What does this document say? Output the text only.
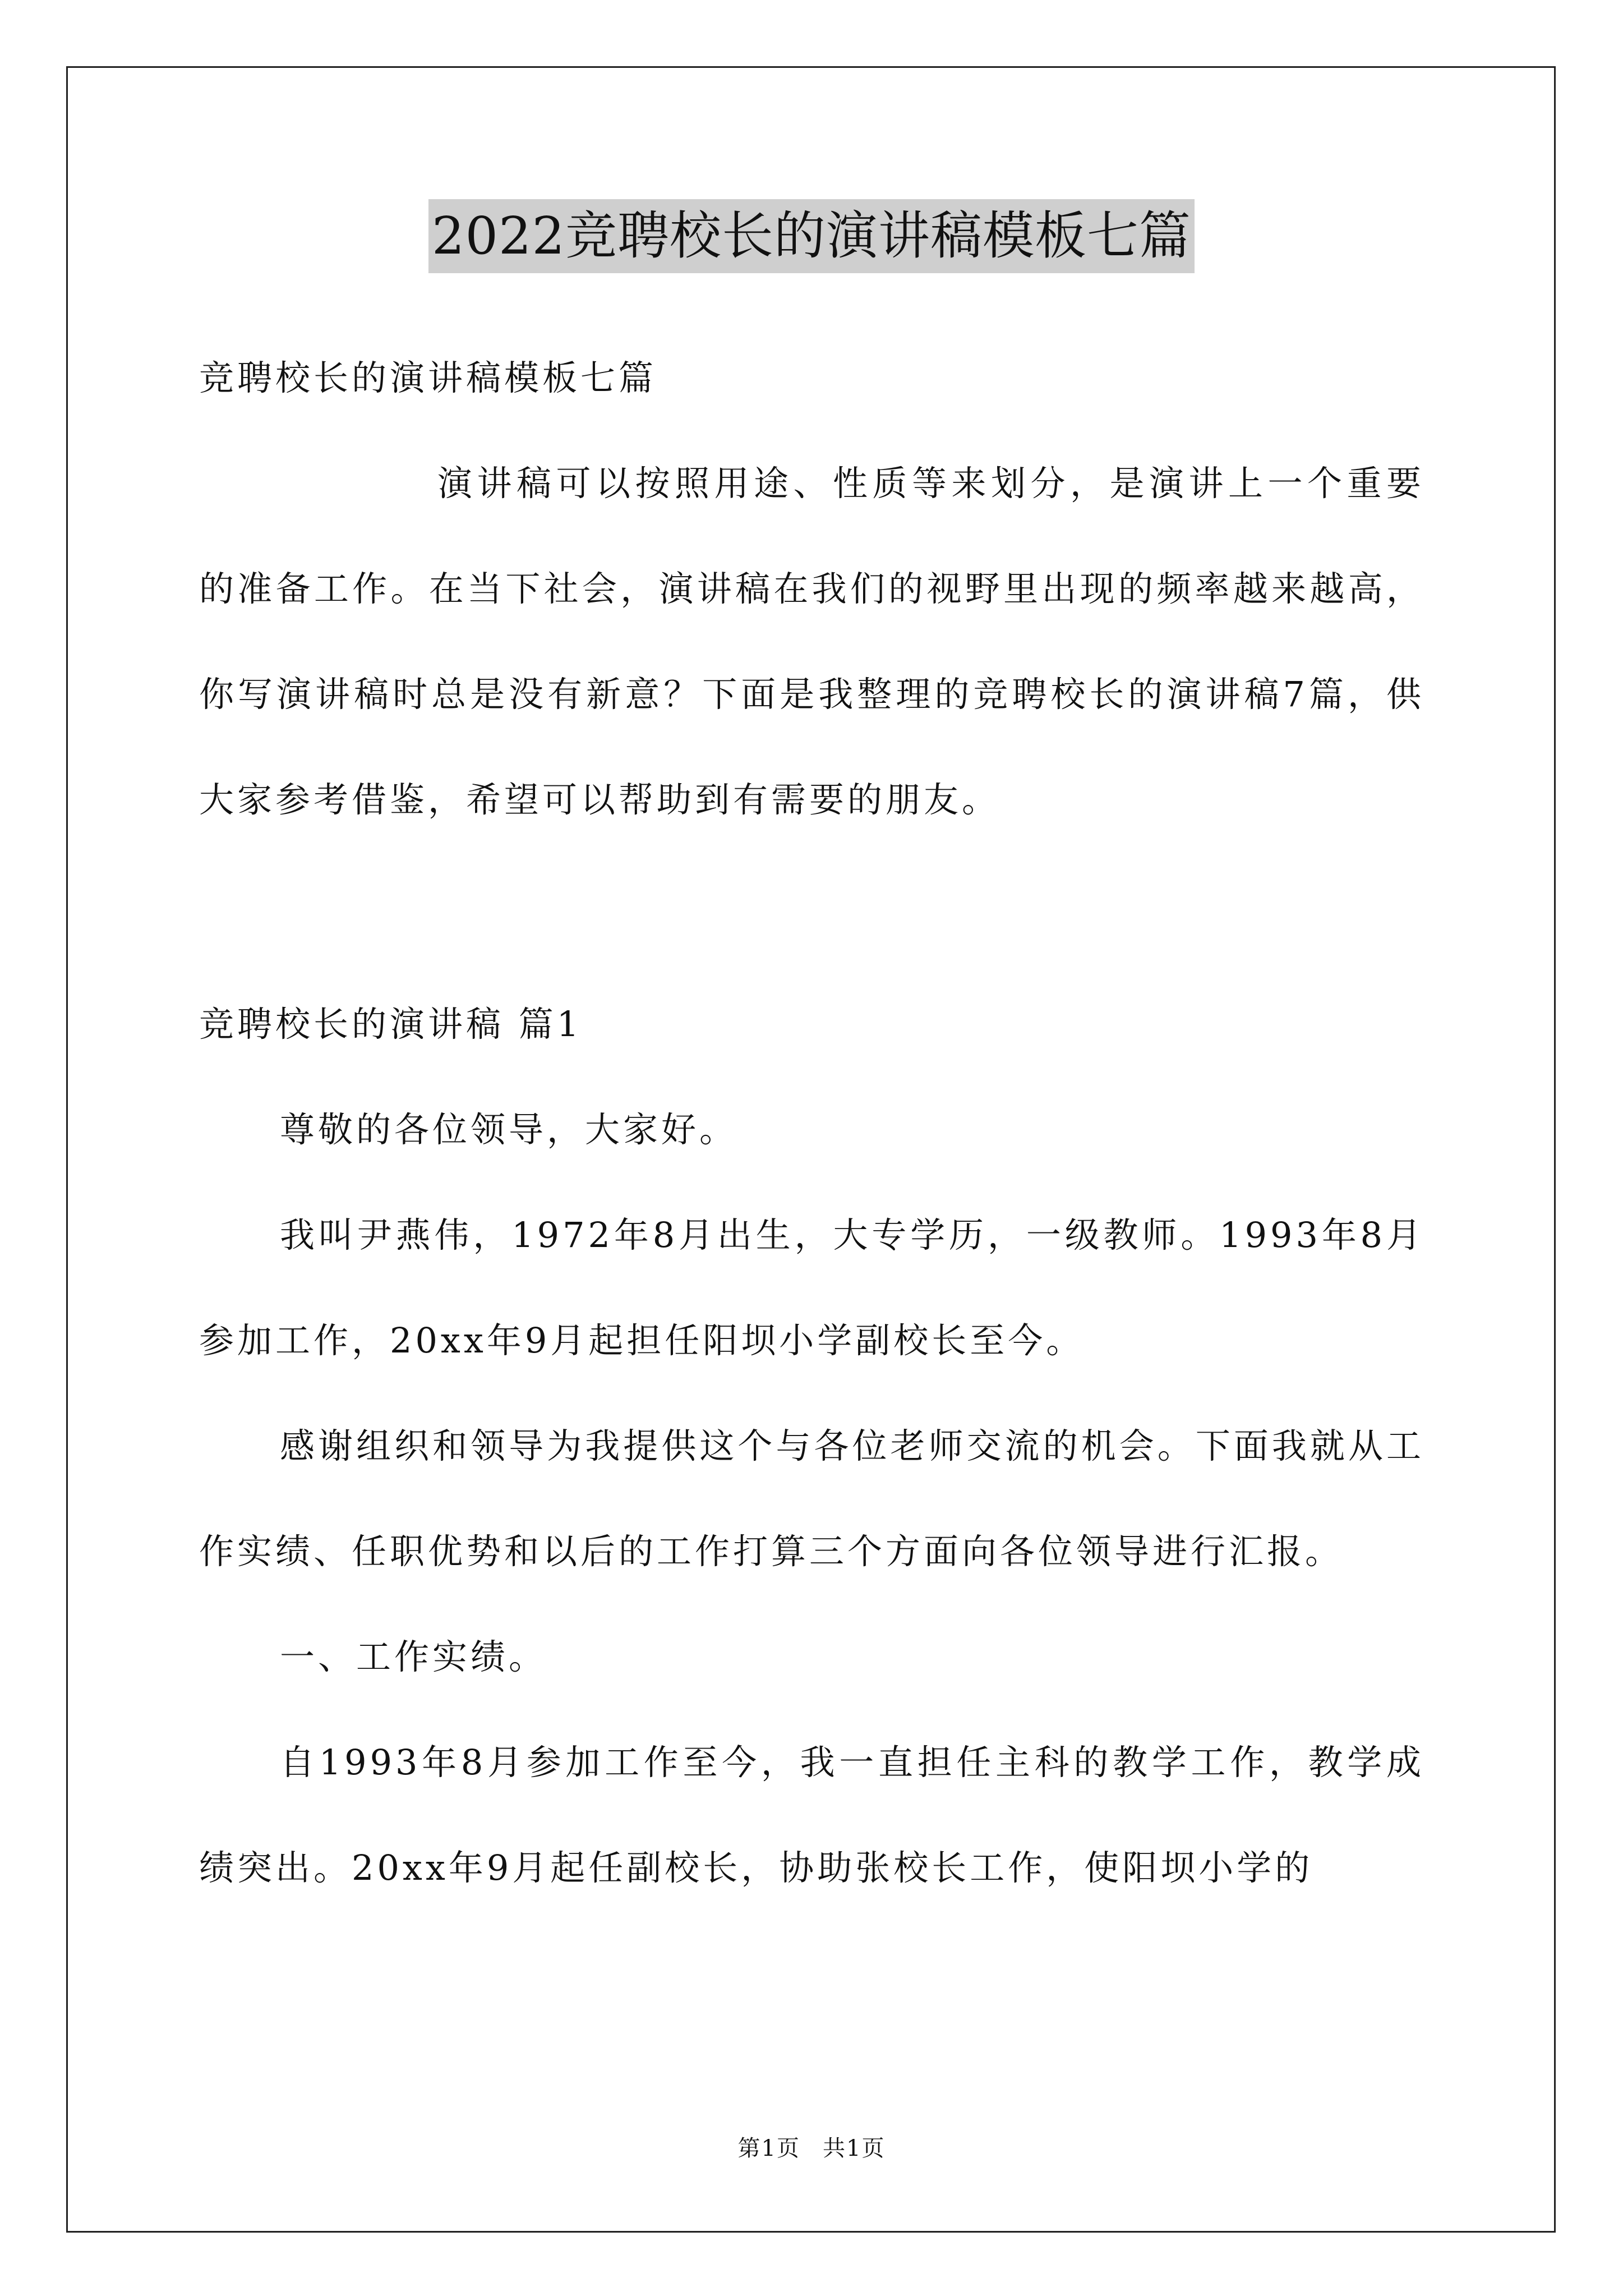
2022竞聘校长的演讲稿模板七篇

竞聘校长的演讲稿模板七篇

演讲稿可以按照用途、性质等来划分，是演讲上一个重要的准备工作。在当下社会，演讲稿在我们的视野里出现的频率越来越高，你写演讲稿时总是没有新意？下面是我整理的竞聘校长的演讲稿7篇，供大家参考借鉴，希望可以帮助到有需要的朋友。

竞聘校长的演讲稿 篇1

尊敬的各位领导，大家好。

我叫尹燕伟，1972年8月出生，大专学历，一级教师。1993年8月参加工作，20xx年9月起担任阳坝小学副校长至今。

感谢组织和领导为我提供这个与各位老师交流的机会。下面我就从工作实绩、任职优势和以后的工作打算三个方面向各位领导进行汇报。

一、工作实绩。

自1993年8月参加工作至今，我一直担任主科的教学工作，教学成绩突出。20xx年9月起任副校长，协助张校长工作，使阳坝小学的

第1页 共1页
